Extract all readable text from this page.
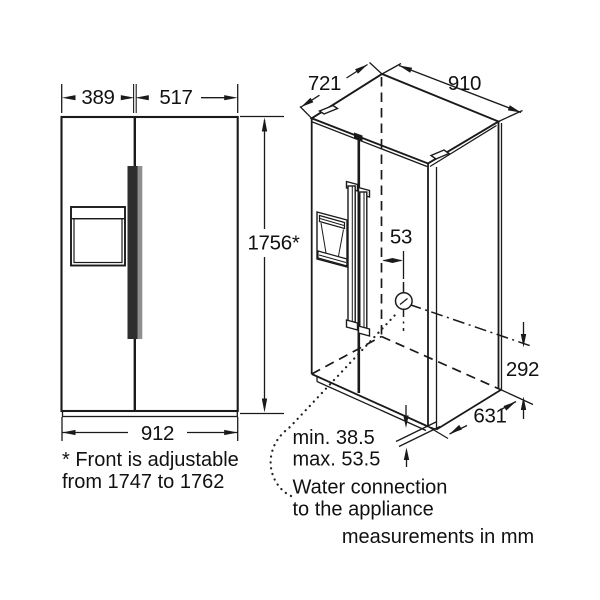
389 517
1756*
912
* Front is adjustable
from 1747 to 1762
721	910
53
292
631
min. 38.5
max. 53.5
Water connection
to the appliance
measurements in mm
